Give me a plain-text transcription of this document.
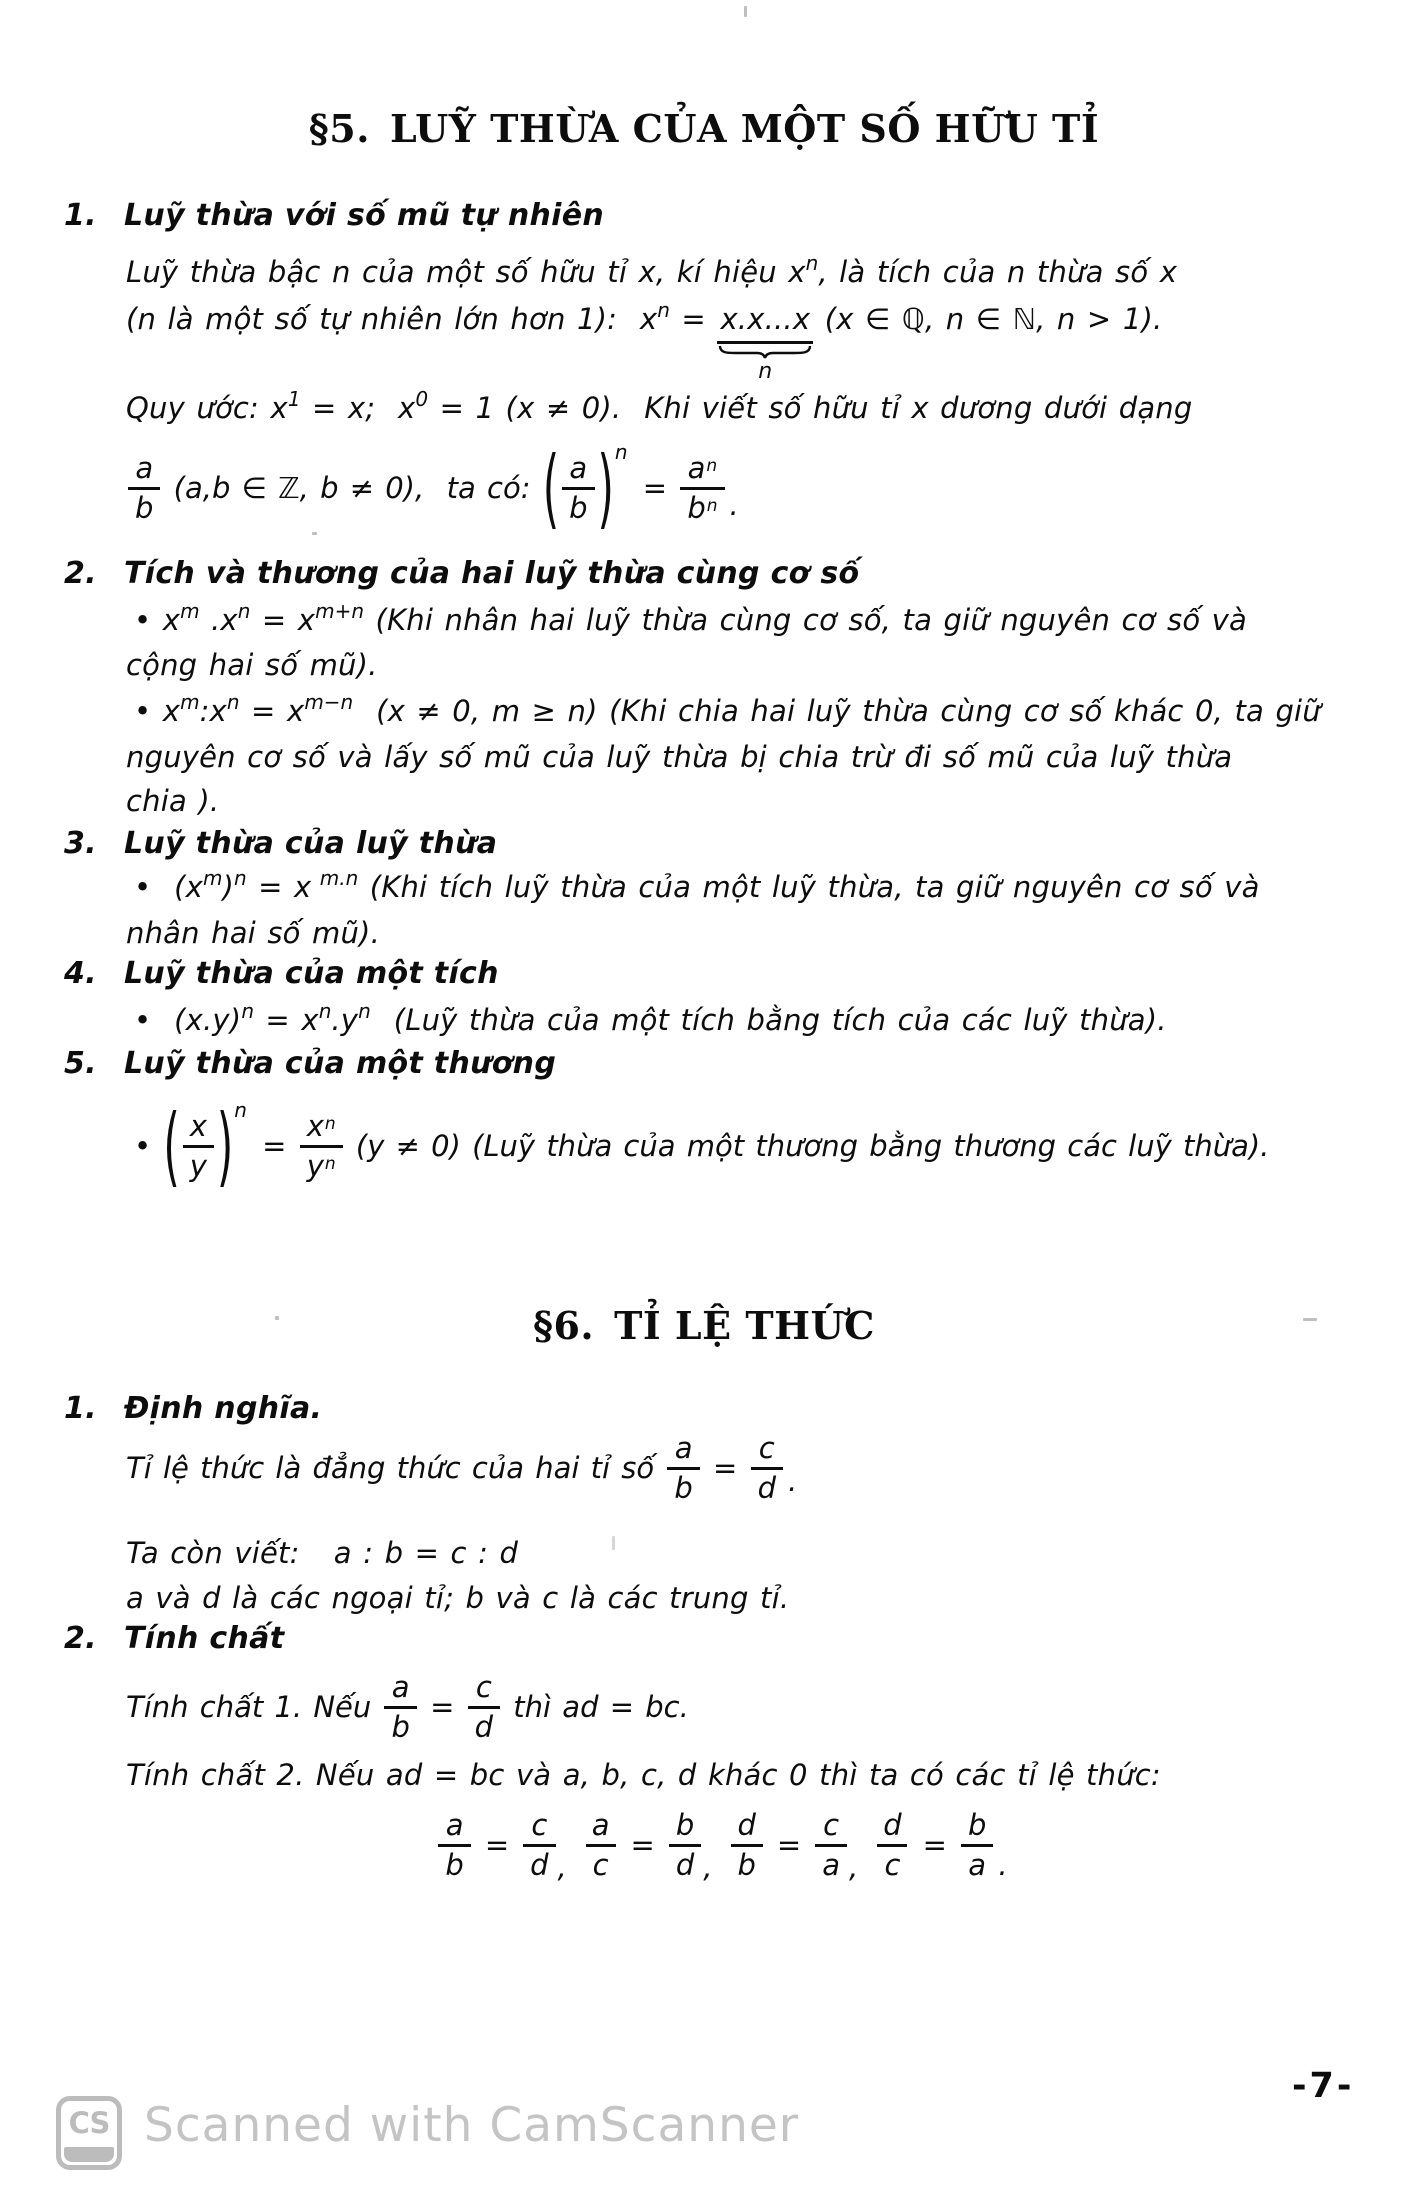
§5. LUỸ THỪA CỦA MỘT SỐ HỮU TỈ
1. Luỹ thừa với số mũ tự nhiên
Luỹ thừa bậc n của một số hữu tỉ x, kí hiệu $x^n$, là tích của n thừa số x
(n là một số tự nhiên lớn hơn 1):  $x^n = x.x...x$
n
(x ∈ ℚ, n ∈ ℕ, n > 1).
Quy ước: $x^1 = x$;  $x^0 = 1$ (x ≠ 0).  Khi viết số hữu tỉ x dương dưới dạng
$\frac{a}{b} (a,b$ ∈ ℤ, b ≠ 0),  ta có: ( $\frac{a}{b}$ ) n
= $\frac{a^n}{b^n}$ .
2. Tích và thương của hai luỹ thừa cùng cơ số
• $x^m$ $.x^n = x^{m+n}$ (Khi nhân hai luỹ thừa cùng cơ số, ta giữ nguyên cơ số và
cộng hai số mũ).
• $x^m:x^n = x^{m-n}$  (x ≠ 0, m ≥ n) (Khi chia hai luỹ thừa cùng cơ số khác 0, ta giữ
nguyên cơ số và lấy số mũ của luỹ thừa bị chia trừ đi số mũ của luỹ thừa
chia ).
3. Luỹ thừa của luỹ thừa
•  $(x^m)^n = x$ $^{m.n}$ (Khi tích luỹ thừa của một luỹ thừa, ta giữ nguyên cơ số và
nhân hai số mũ).
4. Luỹ thừa của một tích
•  $(x.y)^n = x^n.y^n$  (Luỹ thừa của một tích bằng tích của các luỹ thừa).
5. Luỹ thừa của một thương
• ( $\frac{x}{y}$ ) n
= $\frac{x^n}{y^n} (y \ne 0)$ (Luỹ thừa của một thương bằng thương các luỹ thừa).
§6. TỈ LỆ THỨC
1. Định nghĩa.
Tỉ lệ thức là đẳng thức của hai tỉ số $\frac{a}{b} = \frac{c}{d}$ .
Ta còn viết:   a : b = c : d
a và d là các ngoại tỉ; b và c là các trung tỉ.
2. Tính chất
Tính chất 1. Nếu $\frac{a}{b} = \frac{c}{d}$ thì ad = bc.
Tính chất 2. Nếu ad = bc và a, b, c, d khác 0 thì ta có các tỉ lệ thức:
$\frac{a}{b} = \frac{c}{d}$ , $\frac{a}{c} = \frac{b}{d}$ , $\frac{d}{b} = \frac{c}{a}$ , $\frac{d}{c} = \frac{b}{a}$ .
CS Scanned with CamScanner
-7-
